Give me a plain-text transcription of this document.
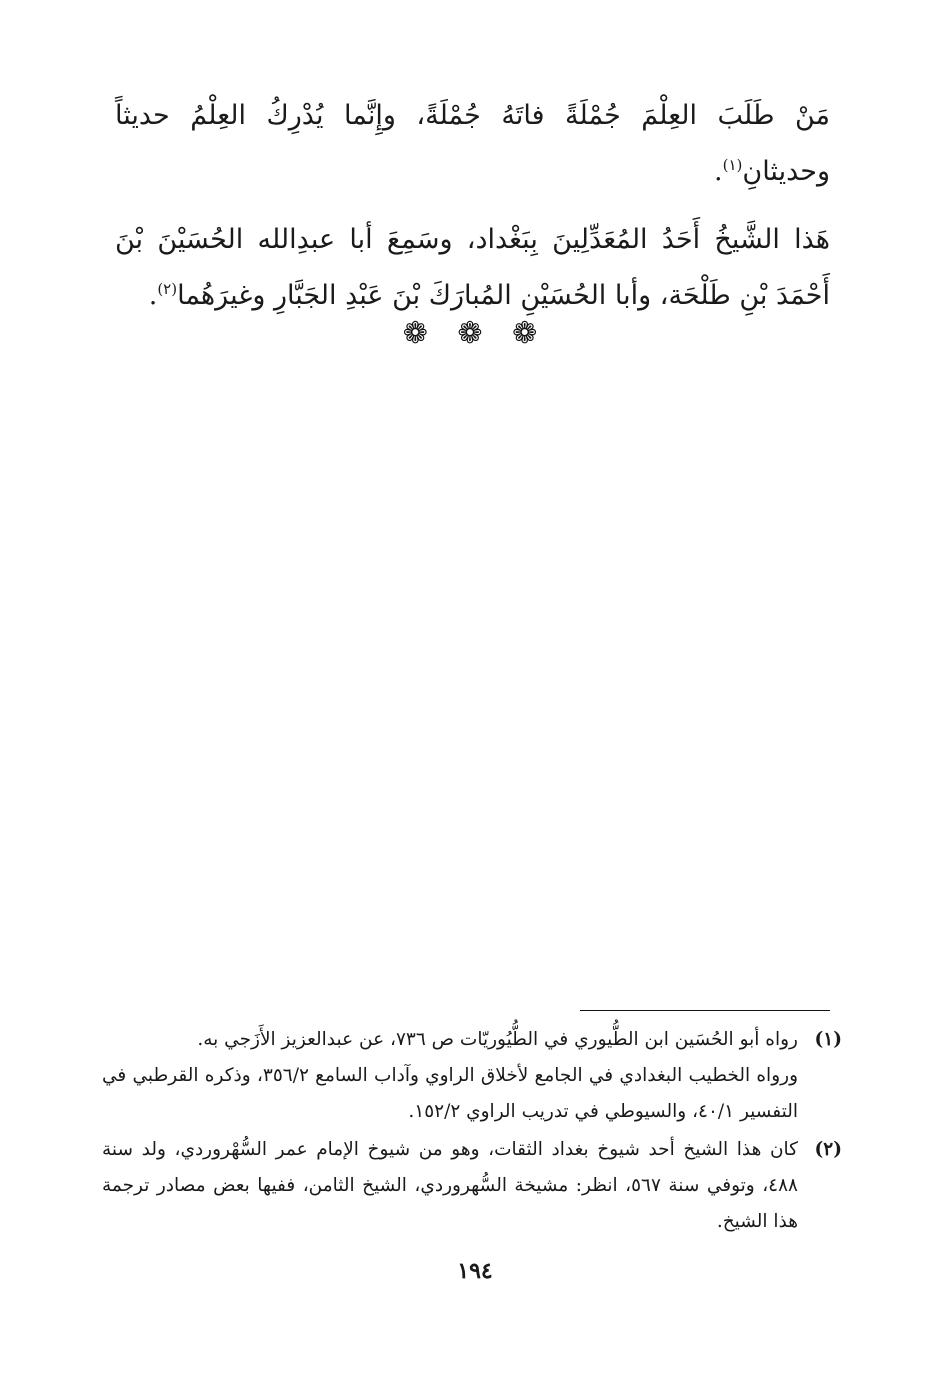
مَنْ طَلَبَ العِلْمَ جُمْلَةً فاتَهُ جُمْلَةً، وإِنَّما يُدْرِكُ العِلْمُ حديثاً وحديثانِ$^{(١)}$.

هَذا الشَّيخُ أَحَدُ المُعَدِّلِينَ بِبَغْداد، وسَمِعَ أبا عبدِالله الحُسَيْنَ بْنَ أَحْمَدَ بْنِ طَلْحَة، وأبا الحُسَيْنِ المُبارَكَ بْنَ عَبْدِ الجَبَّارِ وغيرَهُما$^{(٢)}$.

❁ ❁ ❁
(١)

رواه أبو الحُسَين ابن الطُّيوري في الطُّيُوريّات ص ٧٣٦، عن عبدالعزيز الأَزَجي به.

ورواه الخطيب البغدادي في الجامع لأخلاق الراوي وآداب السامع ٣٥٦/٢، وذكره القرطبي في التفسير ٤٠/١، والسيوطي في تدريب الراوي ١٥٢/٢.

(٢)

كان هذا الشيخ أحد شيوخ بغداد الثقات، وهو من شيوخ الإمام عمر السُّهْروردي، ولد سنة ٤٨٨، وتوفي سنة ٥٦٧، انظر: مشيخة السُّهروردي، الشيخ الثامن، ففيها بعض مصادر ترجمة هذا الشيخ.

١٩٤
